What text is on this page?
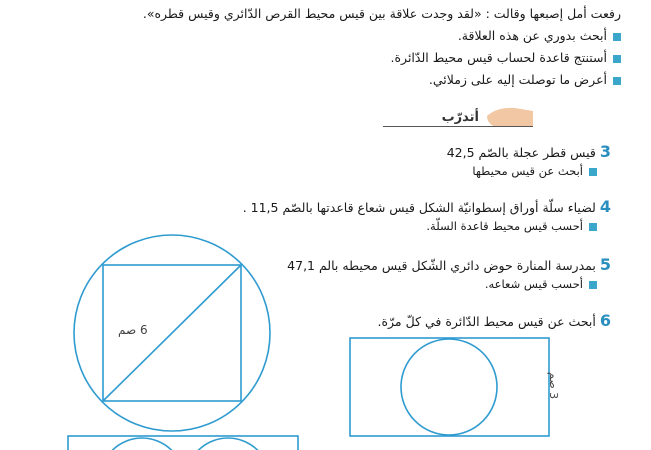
رفعت أمل إصبعها وقالت : «لقد وجدت علاقة بين قيس محيط القرص الدّائري وقيس قطره».
أبحث بدوري عن هذه العلاقة.
أستنتج قاعدة لحساب قيس محيط الدّائرة.
أعرض ما توصلت إليه على زملائي.
أتدرّب
3قيس قطر عجلة بالصّم 42,5
أبحث عن قيس محيطها
4لضياء سلّة أوراق إسطوانيّة الشكل قيس شعاع قاعدتها بالصّم 11,5 .
أحسب قيس محيط قاعدة السلّة.
5بمدرسة المنارة حوض دائري الشّكل قيس محيطه بالم 47,1
أحسب قيس شعاعه.
6أبحث عن قيس محيط الدّائرة في كلّ مرّة.
6 صم
3 صم
